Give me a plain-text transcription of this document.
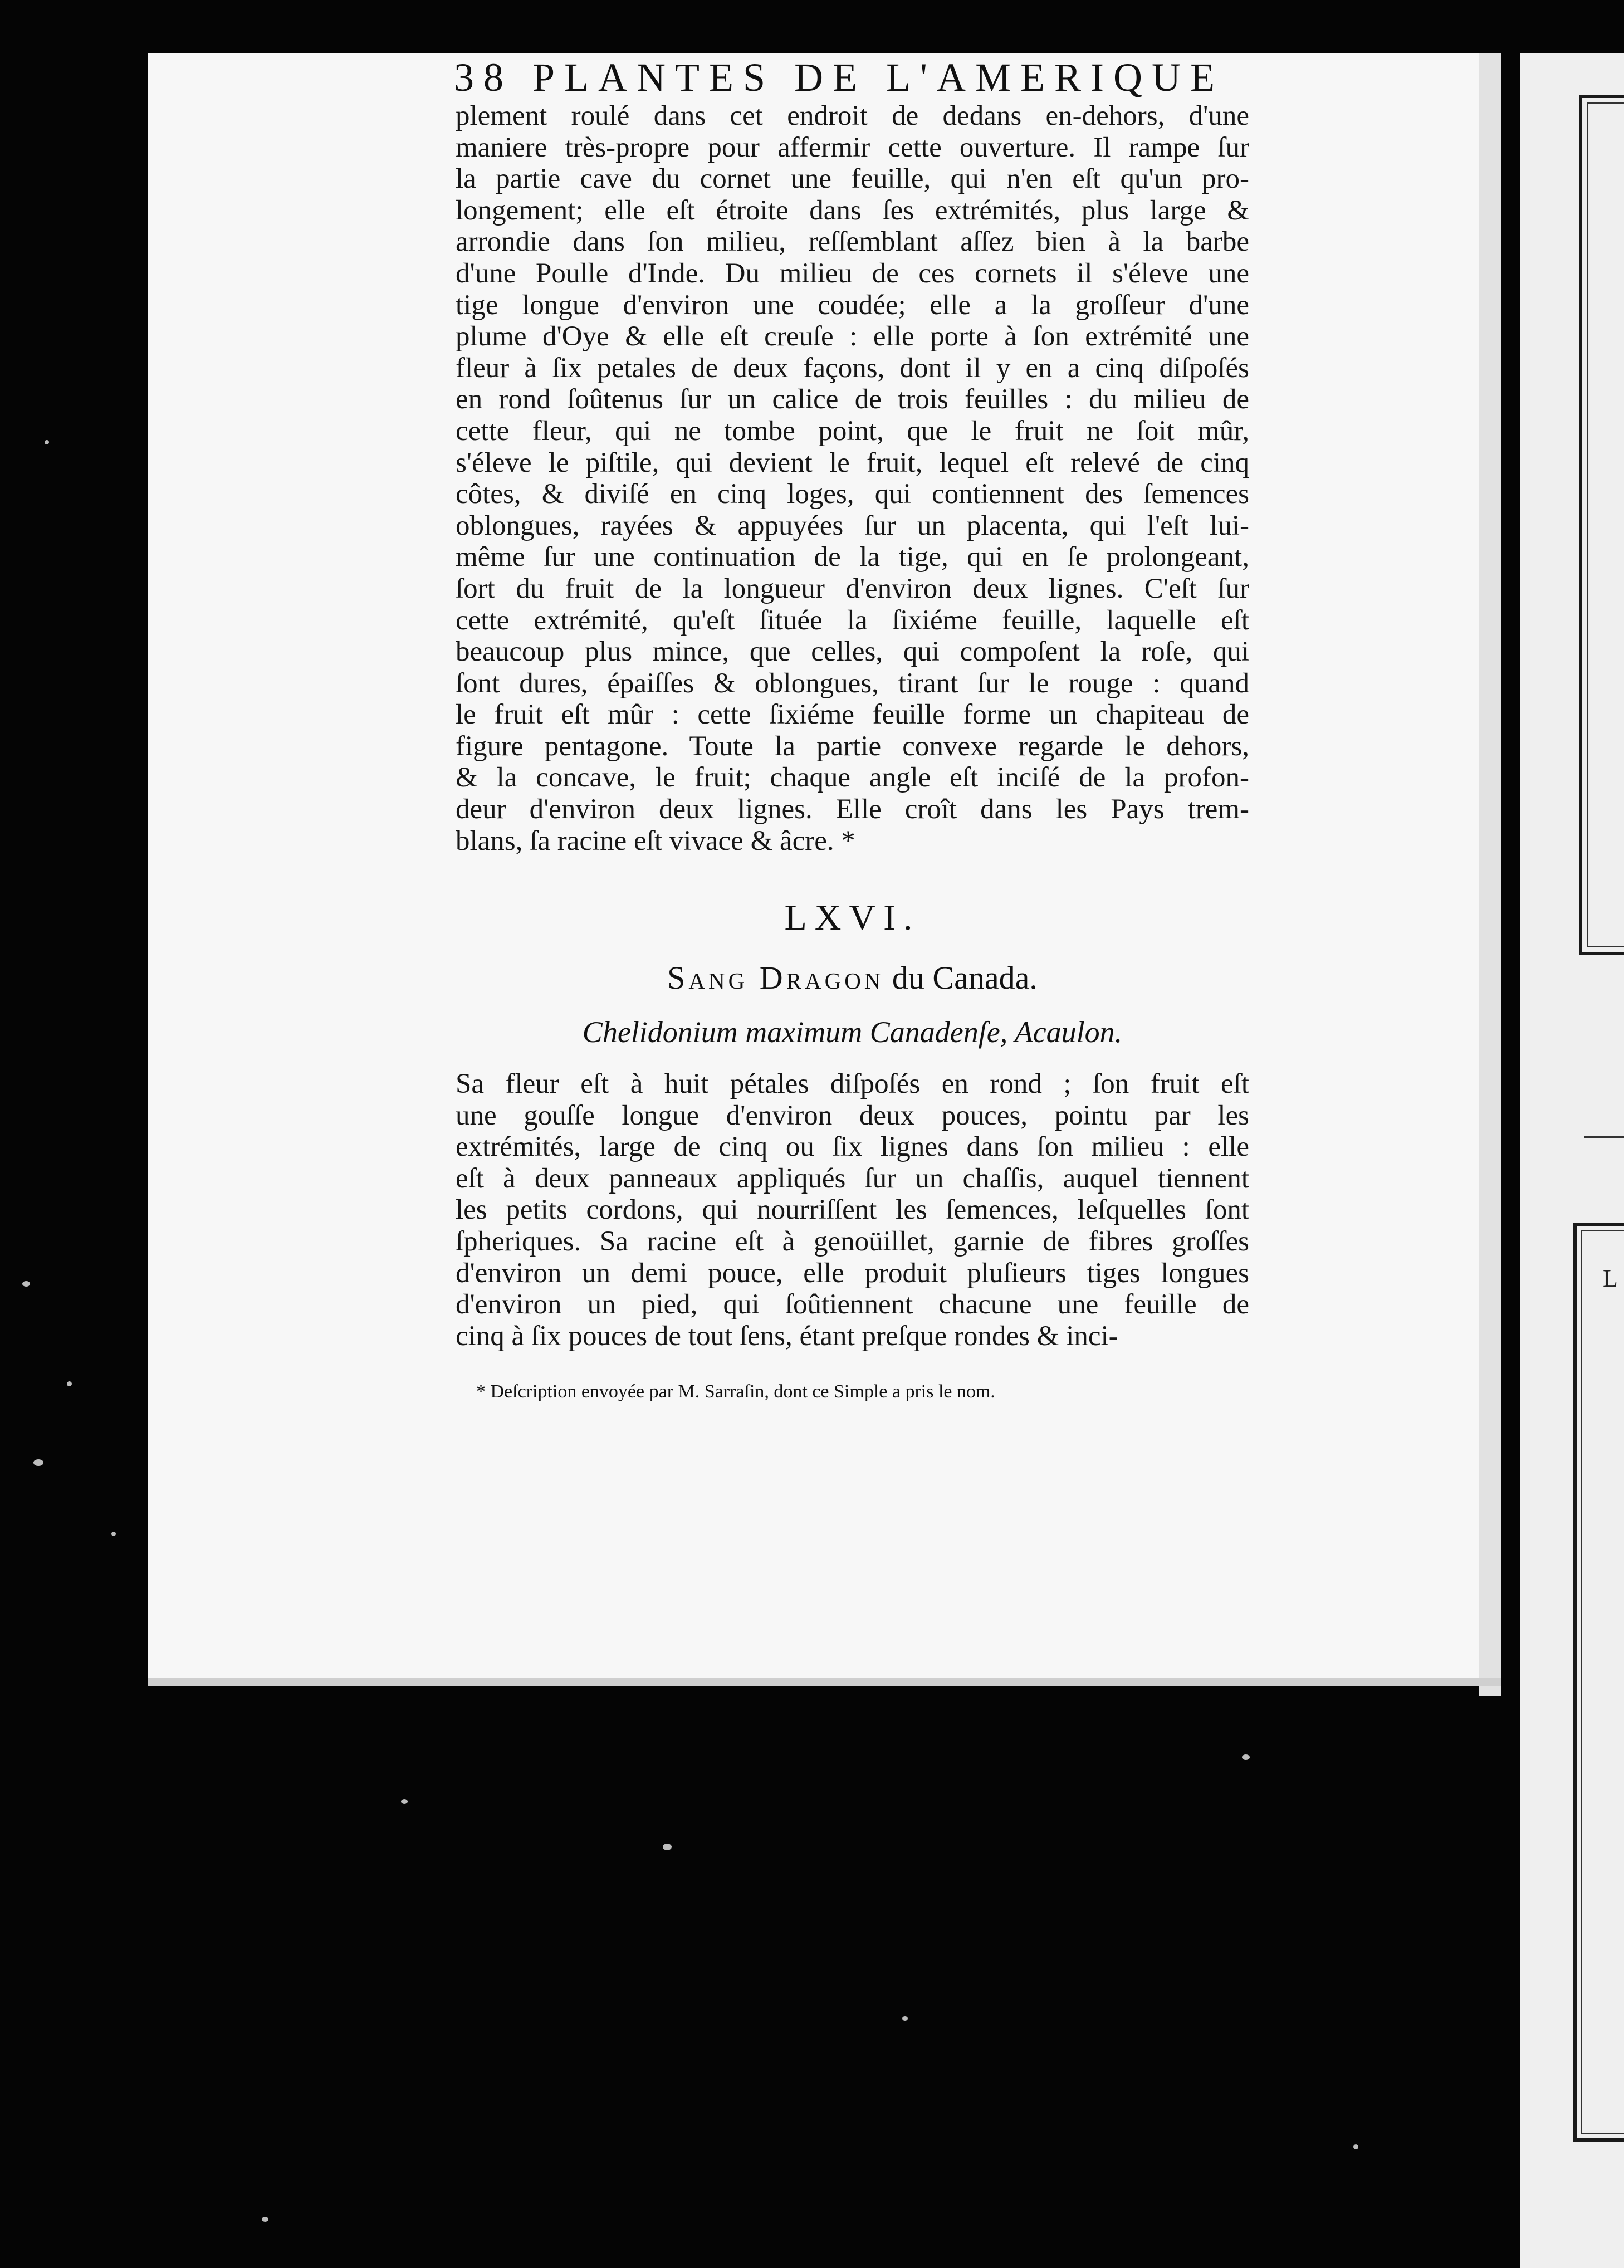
L
38 PLANTES DE L'AMERIQUE
plement roulé dans cet endroit de dedans en-dehors, d'une
maniere très-propre pour affermir cette ouverture. Il rampe ſur
la partie cave du cornet une feuille, qui n'en eſt qu'un pro-
longement; elle eſt étroite dans ſes extrémités, plus large &
arrondie dans ſon milieu, reſſemblant aſſez bien à la barbe
d'une Poulle d'Inde. Du milieu de ces cornets il s'éleve une
tige longue d'environ une coudée; elle a la groſſeur d'une
plume d'Oye & elle eſt creuſe : elle porte à ſon extrémité une
fleur à ſix petales de deux façons, dont il y en a cinq diſpoſés
en rond ſoûtenus ſur un calice de trois feuilles : du milieu de
cette fleur, qui ne tombe point, que le fruit ne ſoit mûr,
s'éleve le piſtile, qui devient le fruit, lequel eſt relevé de cinq
côtes, & diviſé en cinq loges, qui contiennent des ſemences
oblongues, rayées & appuyées ſur un placenta, qui l'eſt lui-
même ſur une continuation de la tige, qui en ſe prolongeant,
ſort du fruit de la longueur d'environ deux lignes. C'eſt ſur
cette extrémité, qu'eſt ſituée la ſixiéme feuille, laquelle eſt
beaucoup plus mince, que celles, qui compoſent la roſe, qui
ſont dures, épaiſſes & oblongues, tirant ſur le rouge : quand
le fruit eſt mûr : cette ſixiéme feuille forme un chapiteau de
figure pentagone. Toute la partie convexe regarde le dehors,
& la concave, le fruit; chaque angle eſt inciſé de la profon-
deur d'environ deux lignes. Elle croît dans les Pays trem-
blans, ſa racine eſt vivace & âcre. *
LXVI.

Sang Dragon du Canada.

Chelidonium maximum Canadenſe, Acaulon.

Sa fleur eſt à huit pétales diſpoſés en rond ; ſon fruit eſt
une gouſſe longue d'environ deux pouces, pointu par les
extrémités, large de cinq ou ſix lignes dans ſon milieu : elle
eſt à deux panneaux appliqués ſur un chaſſis, auquel tiennent
les petits cordons, qui nourriſſent les ſemences, leſquelles ſont
ſpheriques. Sa racine eſt à genoüillet, garnie de fibres groſſes
d'environ un demi pouce, elle produit pluſieurs tiges longues
d'environ un pied, qui ſoûtiennent chacune une feuille de
cinq à ſix pouces de tout ſens, étant preſque rondes & inci-

* Deſcription envoyée par M. Sarraſin, dont ce Simple a pris le nom.
